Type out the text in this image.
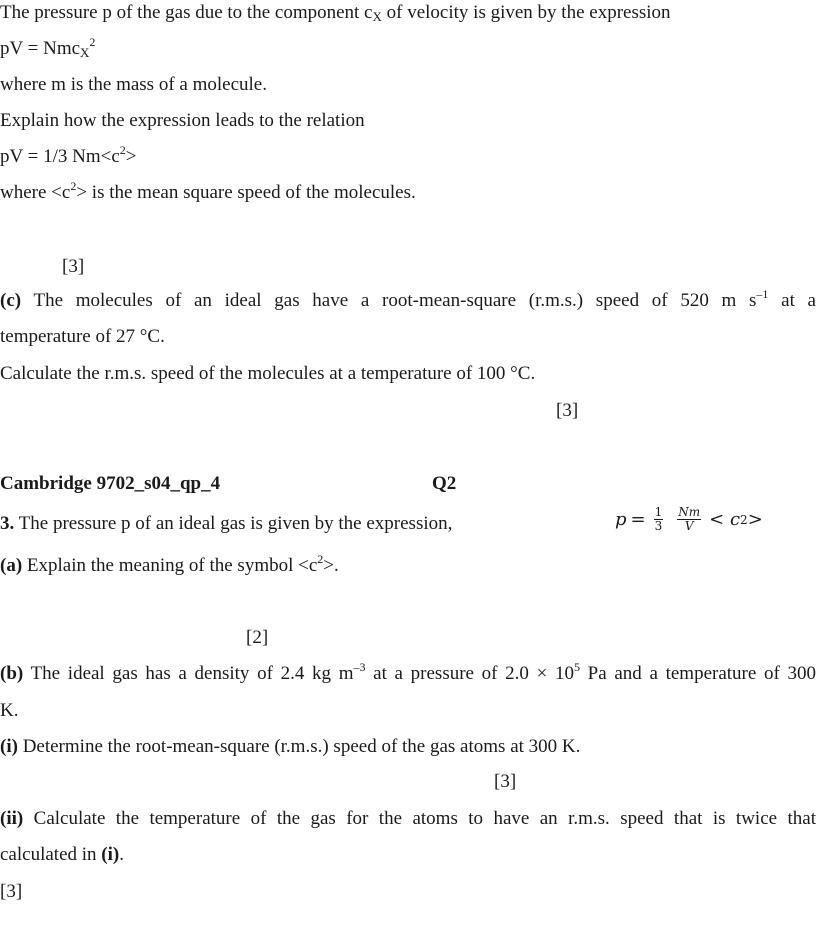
The pressure p of the gas due to the component $c_X$ of velocity is given by the expression
pV = Nmc$_X^2$
where m is the mass of a molecule.
Explain how the expression leads to the relation
pV = 1/3 $Nm<c^2>$
where $<c^2>$ is the mean square speed of the molecules.
[3]
(c) The molecules of an ideal gas have a root-mean-square (r.m.s.) speed of 520 m $s^{-1}$ at a
temperature of 27 °C.
Calculate the r.m.s. speed of the molecules at a temperature of 100 °C.
[3]
Cambridge 9702_s04_qp_4	Q2
3. The pressure p of an ideal gas is given by the expression,	$p = \frac{1}{3} \frac{Nm}{V} < c$ 2 >
(a) Explain the meaning of the symbol $<c^2>$.
[2]
(b) The ideal gas has a density of 2.4 kg $m^{-3}$ at a pressure of $2.0 \times 10^5$ Pa and a temperature of 300
K.
(i) Determine the root-mean-square (r.m.s.) speed of the gas atoms at 300 K.
[3]
(ii) Calculate the temperature of the gas for the atoms to have an r.m.s. speed that is twice that
calculated in (i).
[3]
